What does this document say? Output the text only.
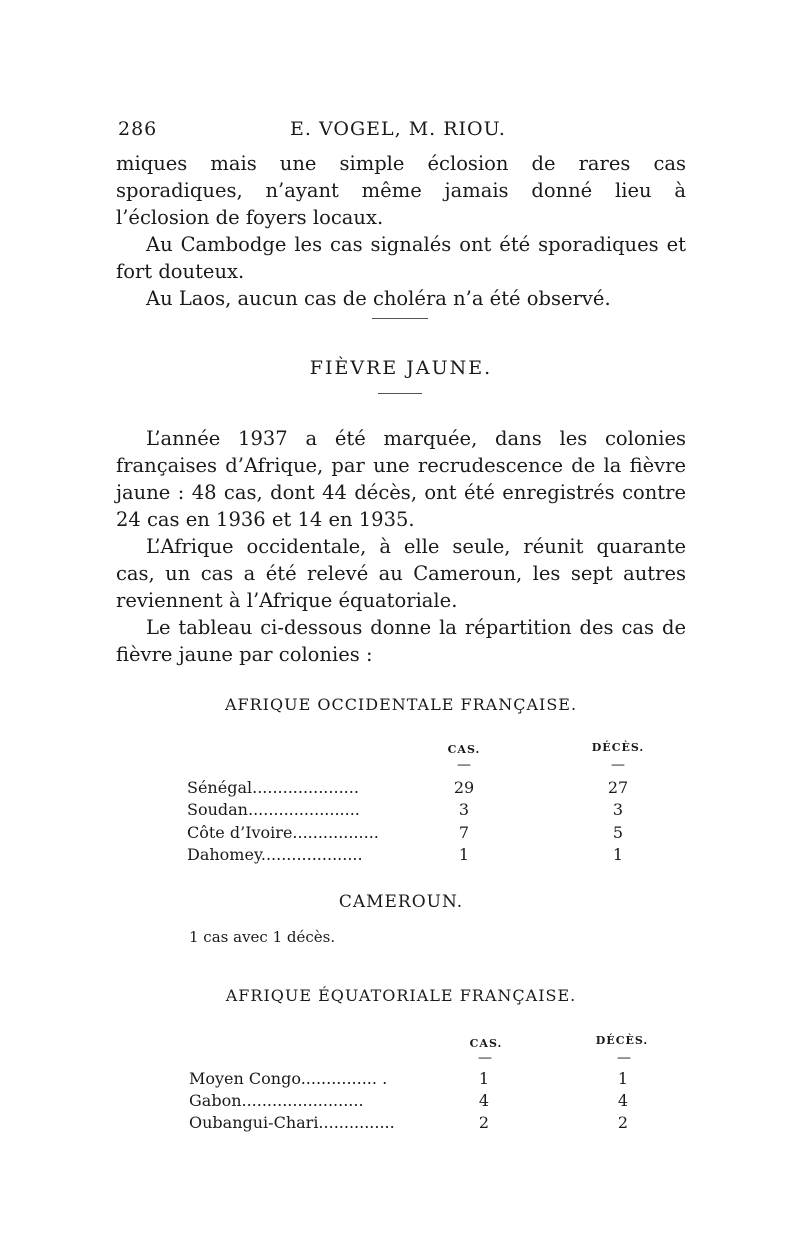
286	E. VOGEL, M. RIOU.

miques mais une simple éclosion de rares cas sporadiques, n’ayant même jamais donné lieu à l’éclosion de foyers locaux.

Au Cambodge les cas signalés ont été sporadiques et fort douteux.

Au Laos, aucun cas de choléra n’a été observé.

FIÈVRE JAUNE.

L’année 1937 a été marquée, dans les colonies françaises d’Afrique, par une recrudescence de la fièvre jaune : 48 cas, dont 44 décès, ont été enregistrés contre 24 cas en 1936 et 14 en 1935.

L’Afrique occidentale, à elle seule, réunit quarante cas, un cas a été relevé au Cameroun, les sept autres reviennent à l’Afrique équatoriale.

Le tableau ci-dessous donne la répartition des cas de fièvre jaune par colonies :

AFRIQUE OCCIDENTALE FRANÇAISE.
CAS.	DÉCÈS.
—	—
Sénégal.....................	29	27
Soudan......................	3	3
Côte d’Ivoire.................	7	5
Dahomey....................	1	1
CAMEROUN.
1 cas avec 1 décès.
AFRIQUE ÉQUATORIALE FRANÇAISE.
CAS.	DÉCÈS.
—	—
Moyen Congo............... .	1	1
Gabon........................	4	4
Oubangui-Chari...............	2	2
